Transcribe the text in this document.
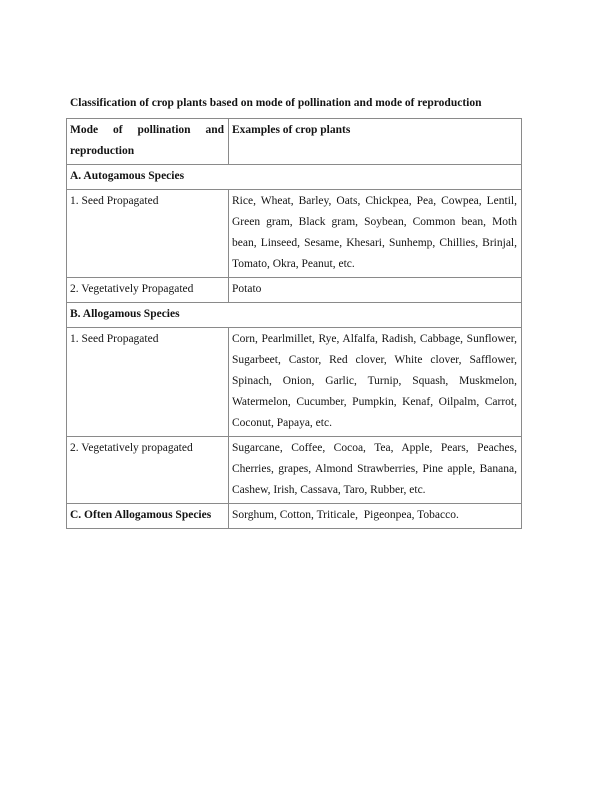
Classification of crop plants based on mode of pollination and mode of reproduction
Mode of pollination and reproduction	Examples of crop plants
A. Autogamous Species	
1. Seed Propagated	Rice, Wheat, Barley, Oats, Chickpea, Pea, Cowpea, Lentil, Green gram, Black gram, Soybean, Common bean, Moth bean, Linseed, Sesame, Khesari, Sunhemp, Chillies, Brinjal, Tomato, Okra, Peanut, etc.
2. Vegetatively Propagated	Potato
B. Allogamous Species	
1. Seed Propagated	Corn, Pearlmillet, Rye, Alfalfa, Radish, Cabbage, Sunflower, Sugarbeet, Castor, Red clover, White clover, Safflower, Spinach, Onion, Garlic, Turnip, Squash, Muskmelon, Watermelon, Cucumber, Pumpkin, Kenaf, Oilpalm, Carrot, Coconut, Papaya, etc.
2. Vegetatively propagated	Sugarcane, Coffee, Cocoa, Tea, Apple, Pears, Peaches, Cherries, grapes, Almond Strawberries, Pine apple, Banana, Cashew, Irish, Cassava, Taro, Rubber, etc.
C. Often Allogamous Species	Sorghum, Cotton, Triticale,  Pigeonpea, Tobacco.
